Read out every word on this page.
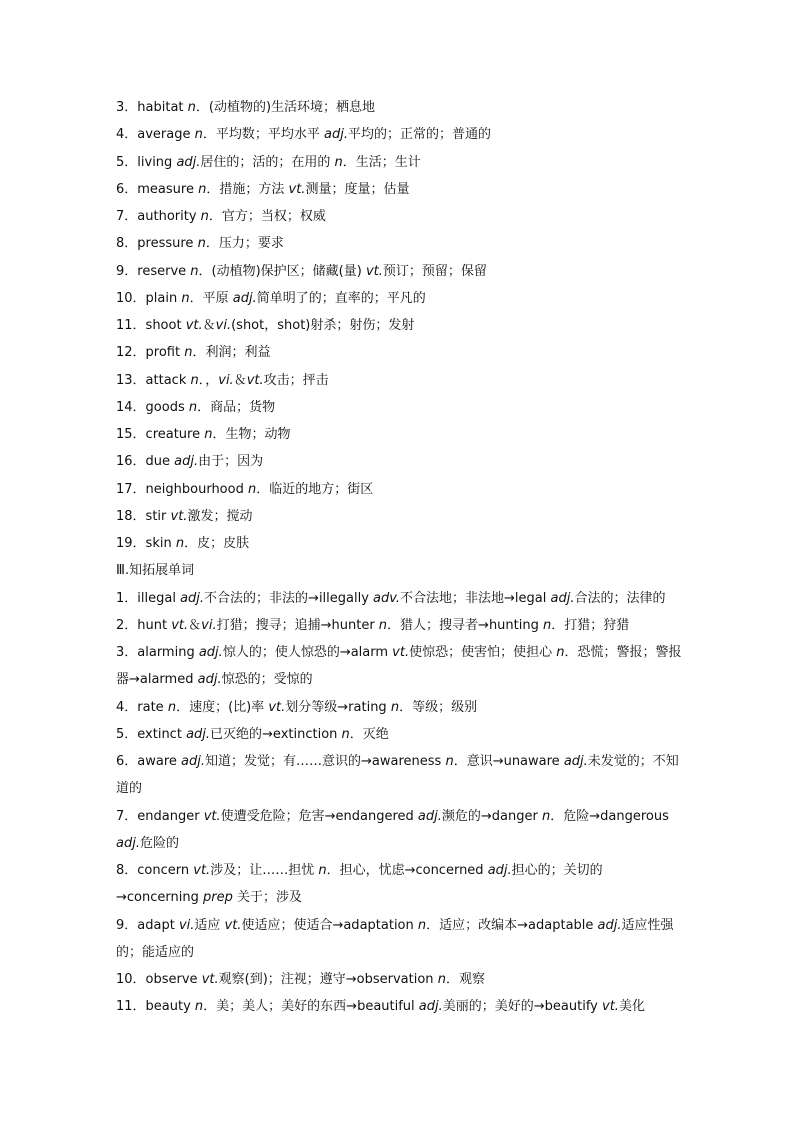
3．habitat n．(动植物的)生活环境；栖息地
4．average n．平均数；平均水平 adj.平均的；正常的；普通的
5．living adj.居住的；活的；在用的 n．生活；生计
6．measure n．措施；方法 vt.测量；度量；估量
7．authority n．官方；当权；权威
8．pressure n．压力；要求
9．reserve n．(动植物)保护区；储藏(量) vt.预订；预留；保留
10．plain n．平原 adj.简单明了的；直率的；平凡的
11．shoot vt.＆vi.(shot，shot)射杀；射伤；发射
12．profit n．利润；利益
13．attack n．，vi.＆vt.攻击；抨击
14．goods n．商品；货物
15．creature n．生物；动物
16．due adj.由于；因为
17．neighbourhood n．临近的地方；街区
18．stir vt.激发；搅动
19．skin n．皮；皮肤
Ⅲ.知拓展单词
1．illegal adj.不合法的；非法的→illegally adv.不合法地；非法地→legal adj.合法的；法律的
2．hunt vt.＆vi.打猎；搜寻；追捕→hunter n．猎人；搜寻者→hunting n．打猎；狩猎
3．alarming adj.惊人的；使人惊恐的→alarm vt.使惊恐；使害怕；使担心 n．恐慌；警报；警报器→alarmed adj.惊恐的；受惊的
4．rate n．速度；(比)率 vt.划分等级→rating n．等级；级别
5．extinct adj.已灭绝的→extinction n．灭绝
6．aware adj.知道；发觉；有……意识的→awareness n．意识→unaware adj.未发觉的；不知道的
7．endanger vt.使遭受危险；危害→endangered adj.濒危的→danger n．危险→dangerous adj.危险的
8．concern vt.涉及；让……担忧 n．担心，忧虑→concerned adj.担心的；关切的→concerning prep 关于；涉及
9．adapt vi.适应 vt.使适应；使适合→adaptation n．适应；改编本→adaptable adj.适应性强的；能适应的
10．observe vt.观察(到)；注视；遵守→observation n．观察
11．beauty n．美；美人；美好的东西→beautiful adj.美丽的；美好的→beautify vt.美化
